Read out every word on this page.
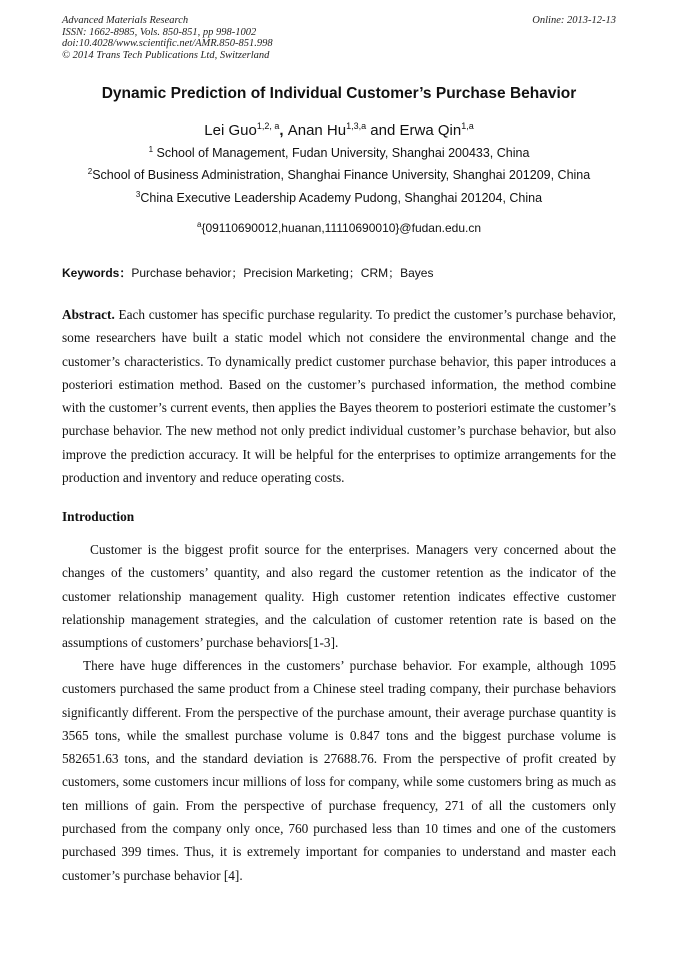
Advanced Materials Research
ISSN: 1662-8985, Vols. 850-851, pp 998-1002
doi:10.4028/www.scientific.net/AMR.850-851.998
© 2014 Trans Tech Publications Ltd, Switzerland
Online: 2013-12-13
Dynamic Prediction of Individual Customer’s Purchase Behavior
Lei Guo$^{1,2, a}$, Anan Hu$^{1,3,a}$ and Erwa Qin$^{1,a}$
$^1$ School of Management, Fudan University, Shanghai 200433, China
$^2$School of Business Administration, Shanghai Finance University, Shanghai 201209, China
$^3$China Executive Leadership Academy Pudong, Shanghai 201204, China
$^a${09110690012,huanan,11110690010}@fudan.edu.cn
Keywords：Purchase behavior；Precision Marketing；CRM；Bayes

Abstract. Each customer has specific purchase regularity. To predict the customer’s purchase behavior, some researchers have built a static model which not considere the environmental change and the customer’s characteristics. To dynamically predict customer purchase behavior, this paper introduces a posteriori estimation method. Based on the customer’s purchased information, the method combine with the customer’s current events, then applies the Bayes theorem to posteriori estimate the customer’s purchase behavior. The new method not only predict individual customer’s purchase behavior, but also improve the prediction accuracy. It will be helpful for the enterprises to optimize arrangements for the production and inventory and reduce operating costs.

Introduction

Customer is the biggest profit source for the enterprises. Managers very concerned about the changes of the customers’ quantity, and also regard the customer retention as the indicator of the customer relationship management quality. High customer retention indicates effective customer relationship management strategies, and the calculation of customer retention rate is based on the assumptions of customers’ purchase behaviors[1-3].

There have huge differences in the customers’ purchase behavior. For example, although 1095 customers purchased the same product from a Chinese steel trading company, their purchase behaviors significantly different. From the perspective of the purchase amount, their average purchase quantity is 3565 tons, while the smallest purchase volume is 0.847 tons and the biggest purchase volume is 582651.63 tons, and the standard deviation is 27688.76. From the perspective of profit created by customers, some customers incur millions of loss for company, while some customers bring as much as ten millions of gain. From the perspective of purchase frequency, 271 of all the customers only purchased from the company only once, 760 purchased less than 10 times and one of the customers purchased 399 times. Thus, it is extremely important for companies to understand and master each customer’s purchase behavior [4].
